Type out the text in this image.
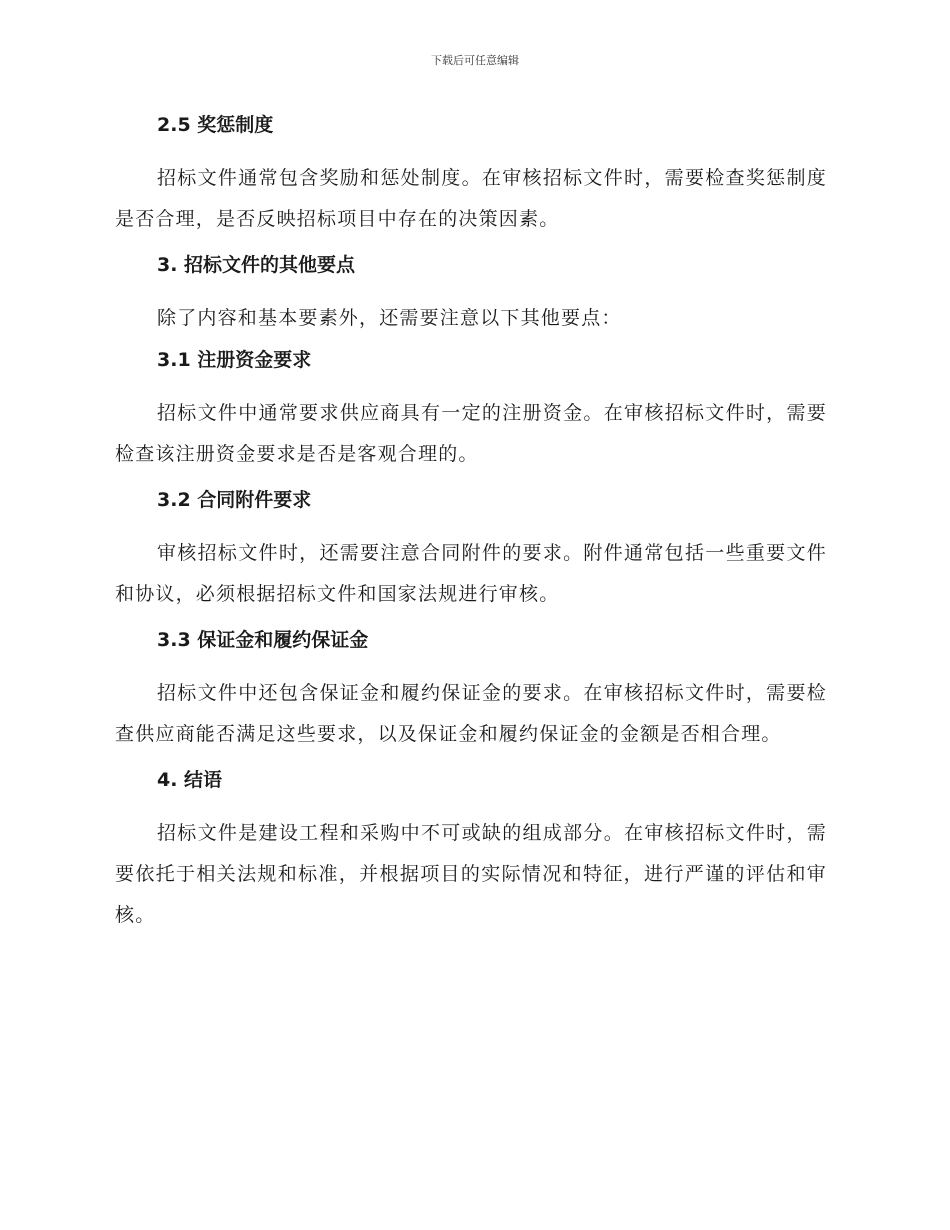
下载后可任意编辑
2.5 奖惩制度

招标文件通常包含奖励和惩处制度。在审核招标文件时，需要检查奖惩制度是否合理，是否反映招标项目中存在的决策因素。

3. 招标文件的其他要点

除了内容和基本要素外，还需要注意以下其他要点：

3.1 注册资金要求

招标文件中通常要求供应商具有一定的注册资金。在审核招标文件时，需要检查该注册资金要求是否是客观合理的。

3.2 合同附件要求

审核招标文件时，还需要注意合同附件的要求。附件通常包括一些重要文件和协议，必须根据招标文件和国家法规进行审核。

3.3 保证金和履约保证金

招标文件中还包含保证金和履约保证金的要求。在审核招标文件时，需要检查供应商能否满足这些要求，以及保证金和履约保证金的金额是否相合理。

4. 结语

招标文件是建设工程和采购中不可或缺的组成部分。在审核招标文件时，需要依托于相关法规和标准，并根据项目的实际情况和特征，进行严谨的评估和审核。
